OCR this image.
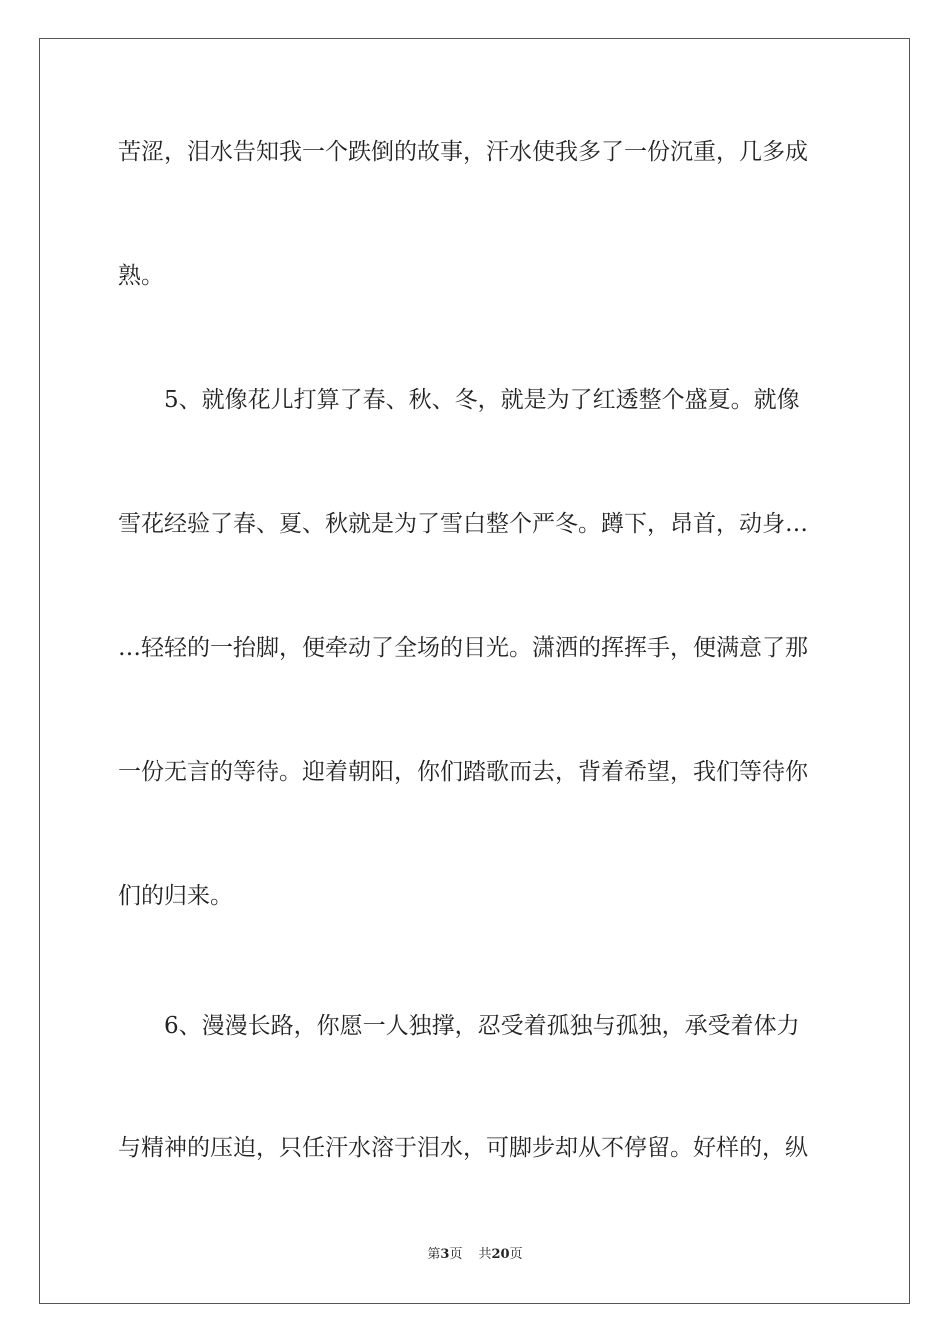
苦涩，泪水告知我一个跌倒的故事，汗水使我多了一份沉重，几多成
熟。
5、就像花儿打算了春、秋、冬，就是为了红透整个盛夏。就像
雪花经验了春、夏、秋就是为了雪白整个严冬。蹲下，昂首，动身…
…轻轻的一抬脚，便牵动了全场的目光。潇洒的挥挥手，便满意了那
一份无言的等待。迎着朝阳，你们踏歌而去，背着希望，我们等待你
们的归来。
6、漫漫长路，你愿一人独撑，忍受着孤独与孤独，承受着体力
与精神的压迫，只任汗水溶于泪水，可脚步却从不停留。好样的，纵
第3页 共20页
